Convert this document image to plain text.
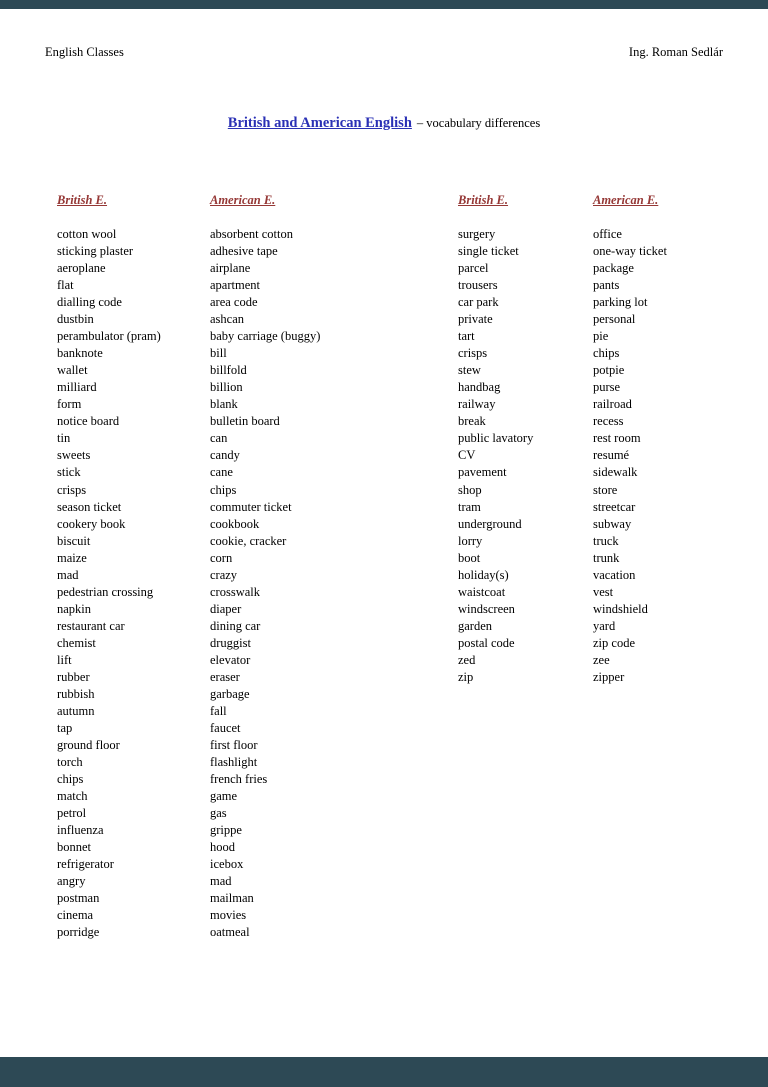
English Classes	Ing. Roman Sedlár
British and American English – vocabulary differences
British E.	American E.
cotton wool	absorbent cotton
sticking plaster	adhesive tape
aeroplane	airplane
flat	apartment
dialling code	area code
dustbin	ashcan
perambulator (pram)	baby carriage (buggy)
banknote	bill
wallet	billfold
milliard	billion
form	blank
notice board	bulletin board
tin	can
sweets	candy
stick	cane
crisps	chips
season ticket	commuter ticket
cookery book	cookbook
biscuit	cookie, cracker
maize	corn
mad	crazy
pedestrian crossing	crosswalk
napkin	diaper
restaurant car	dining car
chemist	druggist
lift	elevator
rubber	eraser
rubbish	garbage
autumn	fall
tap	faucet
ground floor	first floor
torch	flashlight
chips	french fries
match	game
petrol	gas
influenza	grippe
bonnet	hood
refrigerator	icebox
angry	mad
postman	mailman
cinema	movies
porridge	oatmeal
British E.	American E.
surgery	office
single ticket	one-way ticket
parcel	package
trousers	pants
car park	parking lot
private	personal
tart	pie
crisps	chips
stew	potpie
handbag	purse
railway	railroad
break	recess
public lavatory	rest room
CV	resumé
pavement	sidewalk
shop	store
tram	streetcar
underground	subway
lorry	truck
boot	trunk
holiday(s)	vacation
waistcoat	vest
windscreen	windshield
garden	yard
postal code	zip code
zed	zee
zip	zipper
